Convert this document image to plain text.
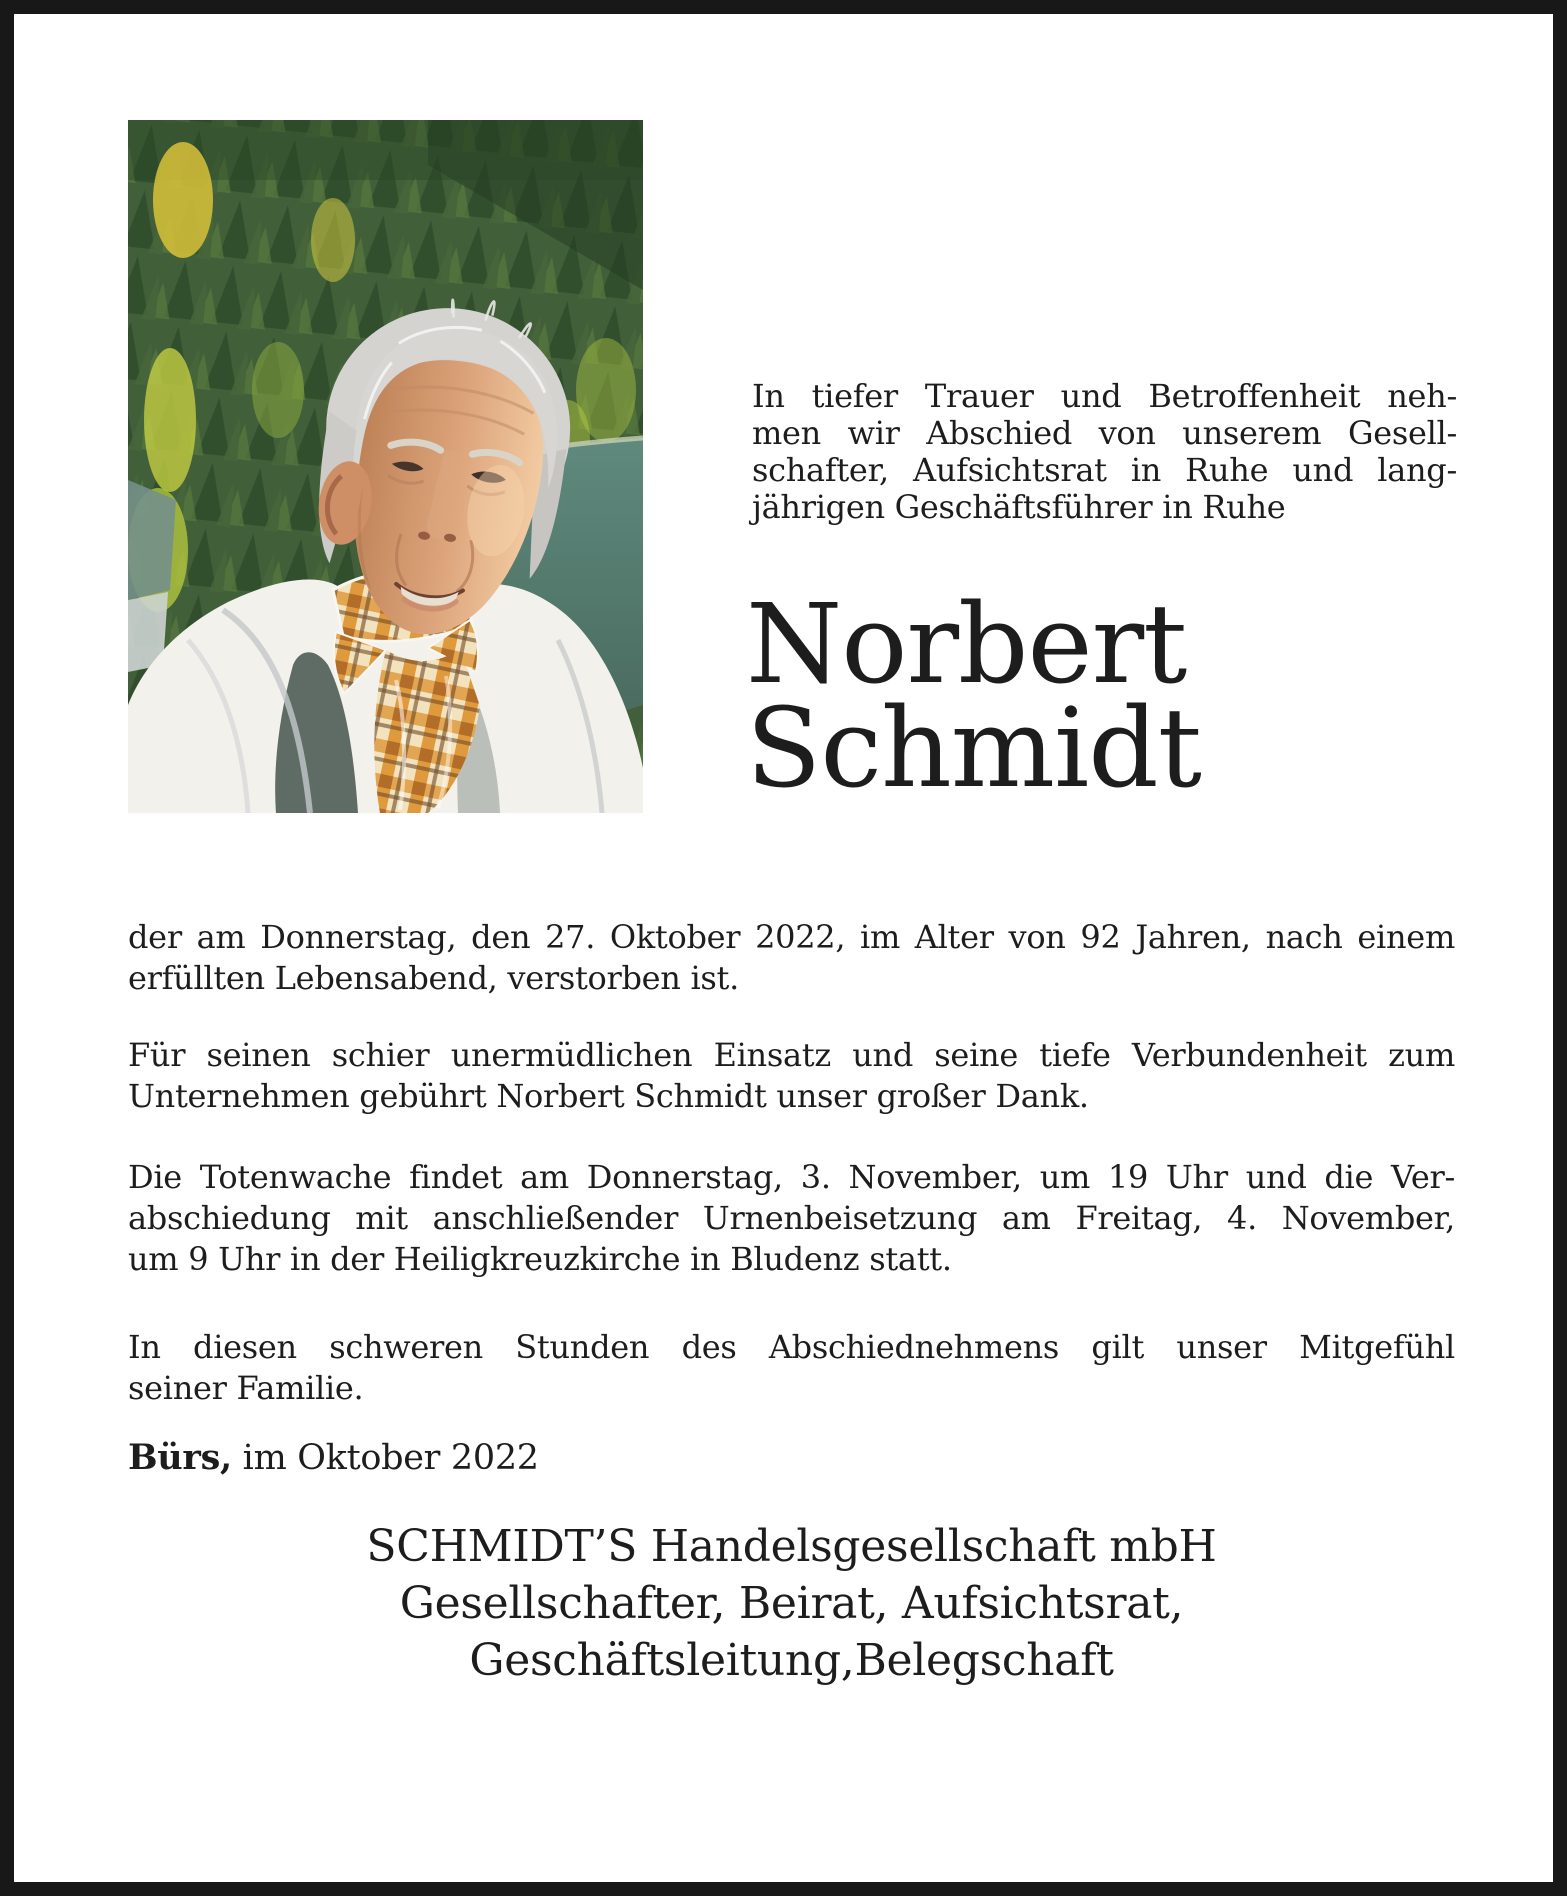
In tiefer Trauer und Betroffenheit neh-
men wir Abschied von unserem Gesell-
schafter, Aufsichtsrat in Ruhe und lang-
jährigen Geschäftsführer in Ruhe
Norbert
Schmidt
der am Donnerstag, den 27. Oktober 2022, im Alter von 92 Jahren, nach einem
erfüllten Lebensabend, verstorben ist.
Für seinen schier unermüdlichen Einsatz und seine tiefe Verbundenheit zum
Unternehmen gebührt Norbert Schmidt unser großer Dank.
Die Totenwache findet am Donnerstag, 3. November, um 19 Uhr und die Ver-
abschiedung mit anschließender Urnenbeisetzung am Freitag, 4. November,
um 9 Uhr in der Heiligkreuzkirche in Bludenz statt.
In diesen schweren Stunden des Abschiednehmens gilt unser Mitgefühl
seiner Familie.
Bürs, im Oktober 2022
SCHMIDT’S Handelsgesellschaft mbH
Gesellschafter, Beirat, Aufsichtsrat,
Geschäftsleitung,Belegschaft
